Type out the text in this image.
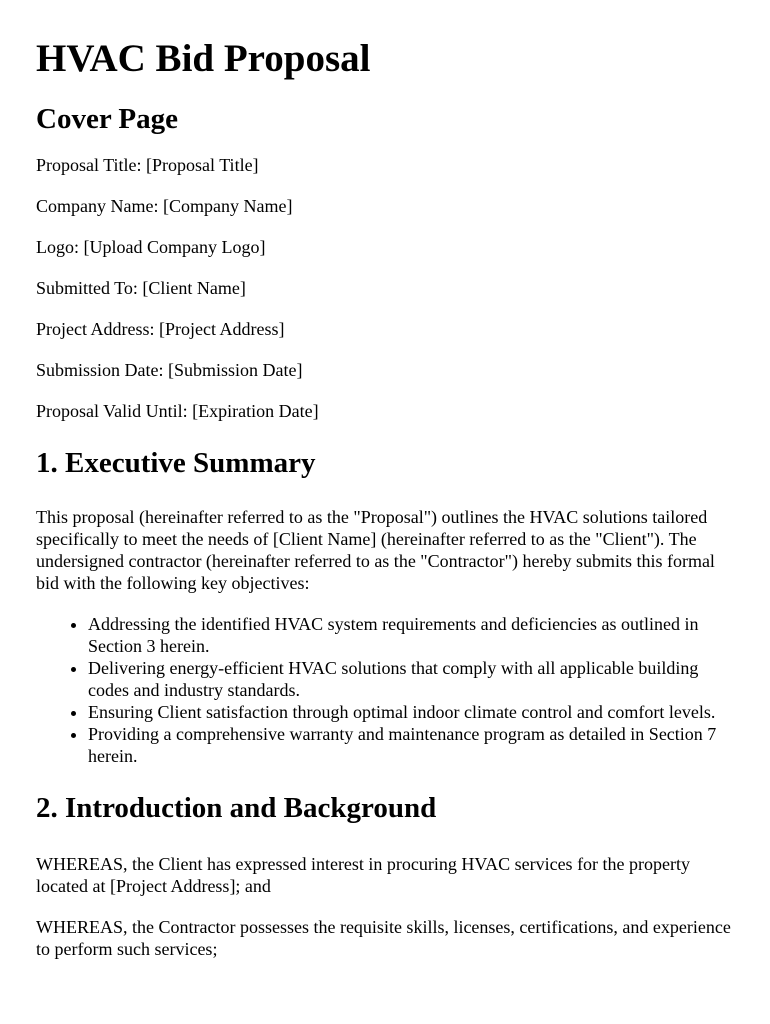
HVAC Bid Proposal
Cover Page

Proposal Title: [Proposal Title]

Company Name: [Company Name]

Logo: [Upload Company Logo]

Submitted To: [Client Name]

Project Address: [Project Address]

Submission Date: [Submission Date]

Proposal Valid Until: [Expiration Date]

1. Executive Summary

This proposal (hereinafter referred to as the "Proposal") outlines the HVAC solutions tailored specifically to meet the needs of [Client Name] (hereinafter referred to as the "Client"). The undersigned contractor (hereinafter referred to as the "Contractor") hereby submits this formal bid with the following key objectives:

• Addressing the identified HVAC system requirements and deficiencies as outlined in Section 3 herein.
• Delivering energy-efficient HVAC solutions that comply with all applicable building codes and industry standards.
• Ensuring Client satisfaction through optimal indoor climate control and comfort levels.
• Providing a comprehensive warranty and maintenance program as detailed in Section 7 herein.
2. Introduction and Background

WHEREAS, the Client has expressed interest in procuring HVAC services for the property located at [Project Address]; and

WHEREAS, the Contractor possesses the requisite skills, licenses, certifications, and experience to perform such services;
